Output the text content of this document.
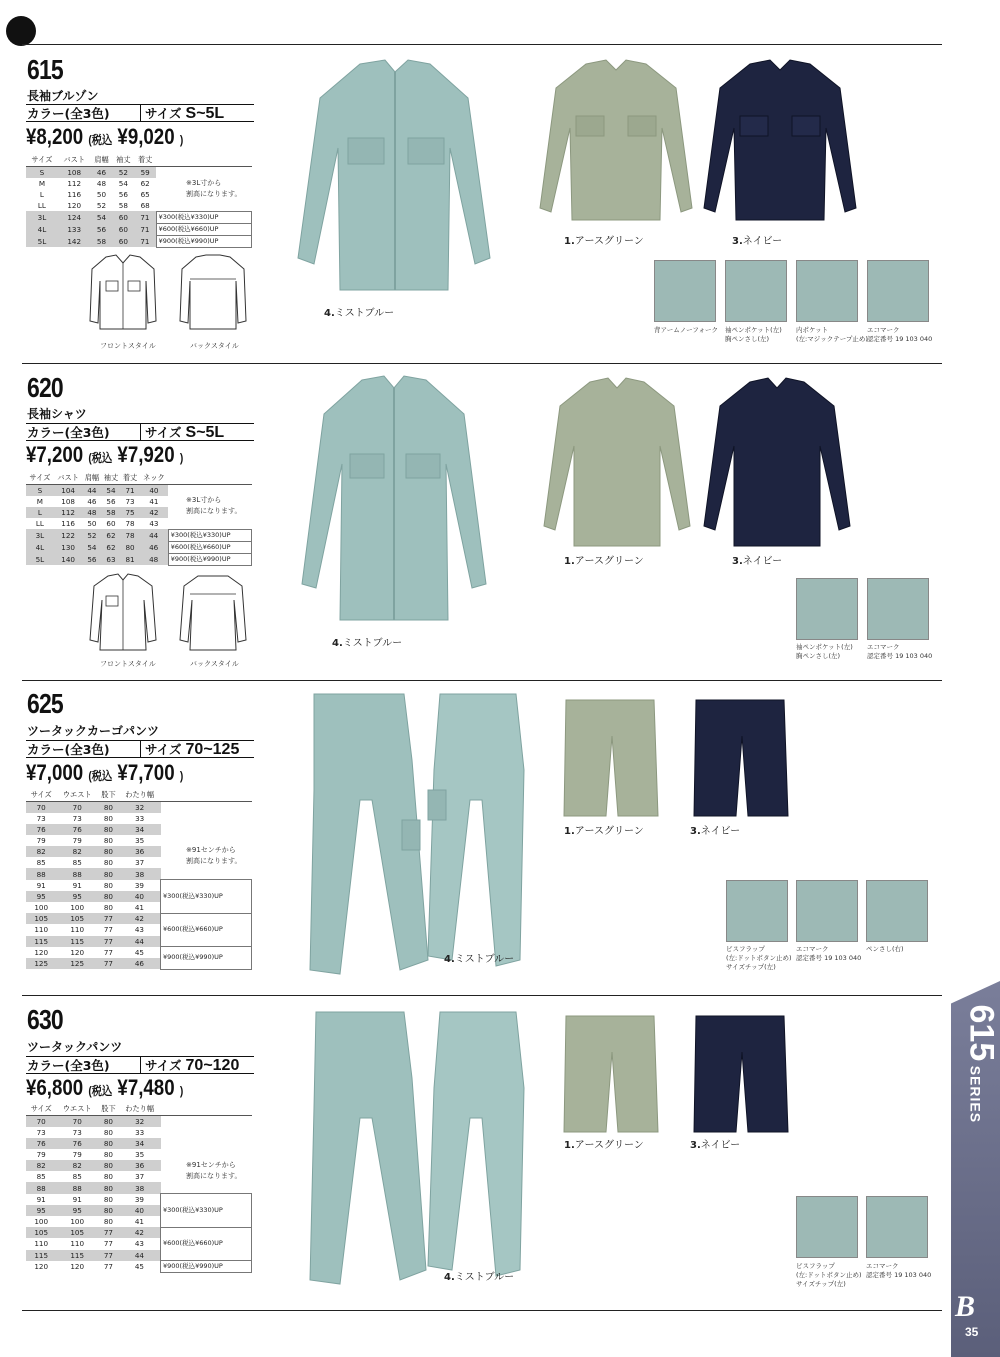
615
長袖ブルゾン
カラー(全3色)	サイズ S~5L
¥8,200 (税込 ¥9,020 )
サイズ	バスト	肩幅	袖丈	着丈	
S	108	46	52	59	
M	112	48	54	62	
L	116	50	56	65	
LL	120	52	58	68	
3L	124	54	60	71	¥300(税込¥330)UP
4L	133	56	60	71	¥600(税込¥660)UP
5L	142	58	60	71	¥900(税込¥990)UP
※3L寸から
割高になります。
フロントスタイル	バックスタイル
4.ミストブルー
1.アースグリーン	3.ネイビー
背アームノーフォーク 袖ペンポケット(左)
胸ペンさし(左)
内ポケット
(左:マジックテープ止め)
エコマーク
認定番号 19 103 040
620
長袖シャツ
カラー(全3色)	サイズ S~5L
¥7,200 (税込 ¥7,920 )
サイズ	バスト	肩幅	袖丈	着丈	ネック	
S	104	44	54	71	40	
M	108	46	56	73	41	
L	112	48	58	75	42	
LL	116	50	60	78	43	
3L	122	52	62	78	44	¥300(税込¥330)UP
4L	130	54	62	80	46	¥600(税込¥660)UP
5L	140	56	63	81	48	¥900(税込¥990)UP
※3L寸から
割高になります。
フロントスタイル	バックスタイル
4.ミストブルー
1.アースグリーン	3.ネイビー
袖ペンポケット(左)
胸ペンさし(左)
エコマーク
認定番号 19 103 040
625
ツータックカーゴパンツ
カラー(全3色)	サイズ 70~125
¥7,000 (税込 ¥7,700 )
サイズ	ウエスト	股下	わたり幅	
70	70	80	32	
73	73	80	33	
76	76	80	34	
79	79	80	35	
82	82	80	36	
85	85	80	37	
88	88	80	38	
91	91	80	39	¥300(税込¥330)UP
95	95	80	40	
100	100	80	41	
105	105	77	42	¥600(税込¥660)UP
110	110	77	43	
115	115	77	44	
120	120	77	45	¥900(税込¥990)UP
125	125	77	46	
※91センチから
割高になります。
4.ミストブルー
1.アースグリーン	3.ネイビー
ピスフラップ
(左:ドットボタン止め)
サイズチップ(左)
エコマーク
認定番号 19 103 040
ペンさし(右)
630
ツータックパンツ
カラー(全3色)	サイズ 70~120
¥6,800 (税込 ¥7,480 )
サイズ	ウエスト	股下	わたり幅	
70	70	80	32	
73	73	80	33	
76	76	80	34	
79	79	80	35	
82	82	80	36	
85	85	80	37	
88	88	80	38	
91	91	80	39	¥300(税込¥330)UP
95	95	80	40	
100	100	80	41	
105	105	77	42	¥600(税込¥660)UP
110	110	77	43	
115	115	77	44	
120	120	77	45	¥900(税込¥990)UP
※91センチから
割高になります。
4.ミストブルー
1.アースグリーン	3.ネイビー
ピスフラップ
(左:ドットボタン止め)
サイズチップ(左)
エコマーク
認定番号 19 103 040
615 SERIES
B
35
